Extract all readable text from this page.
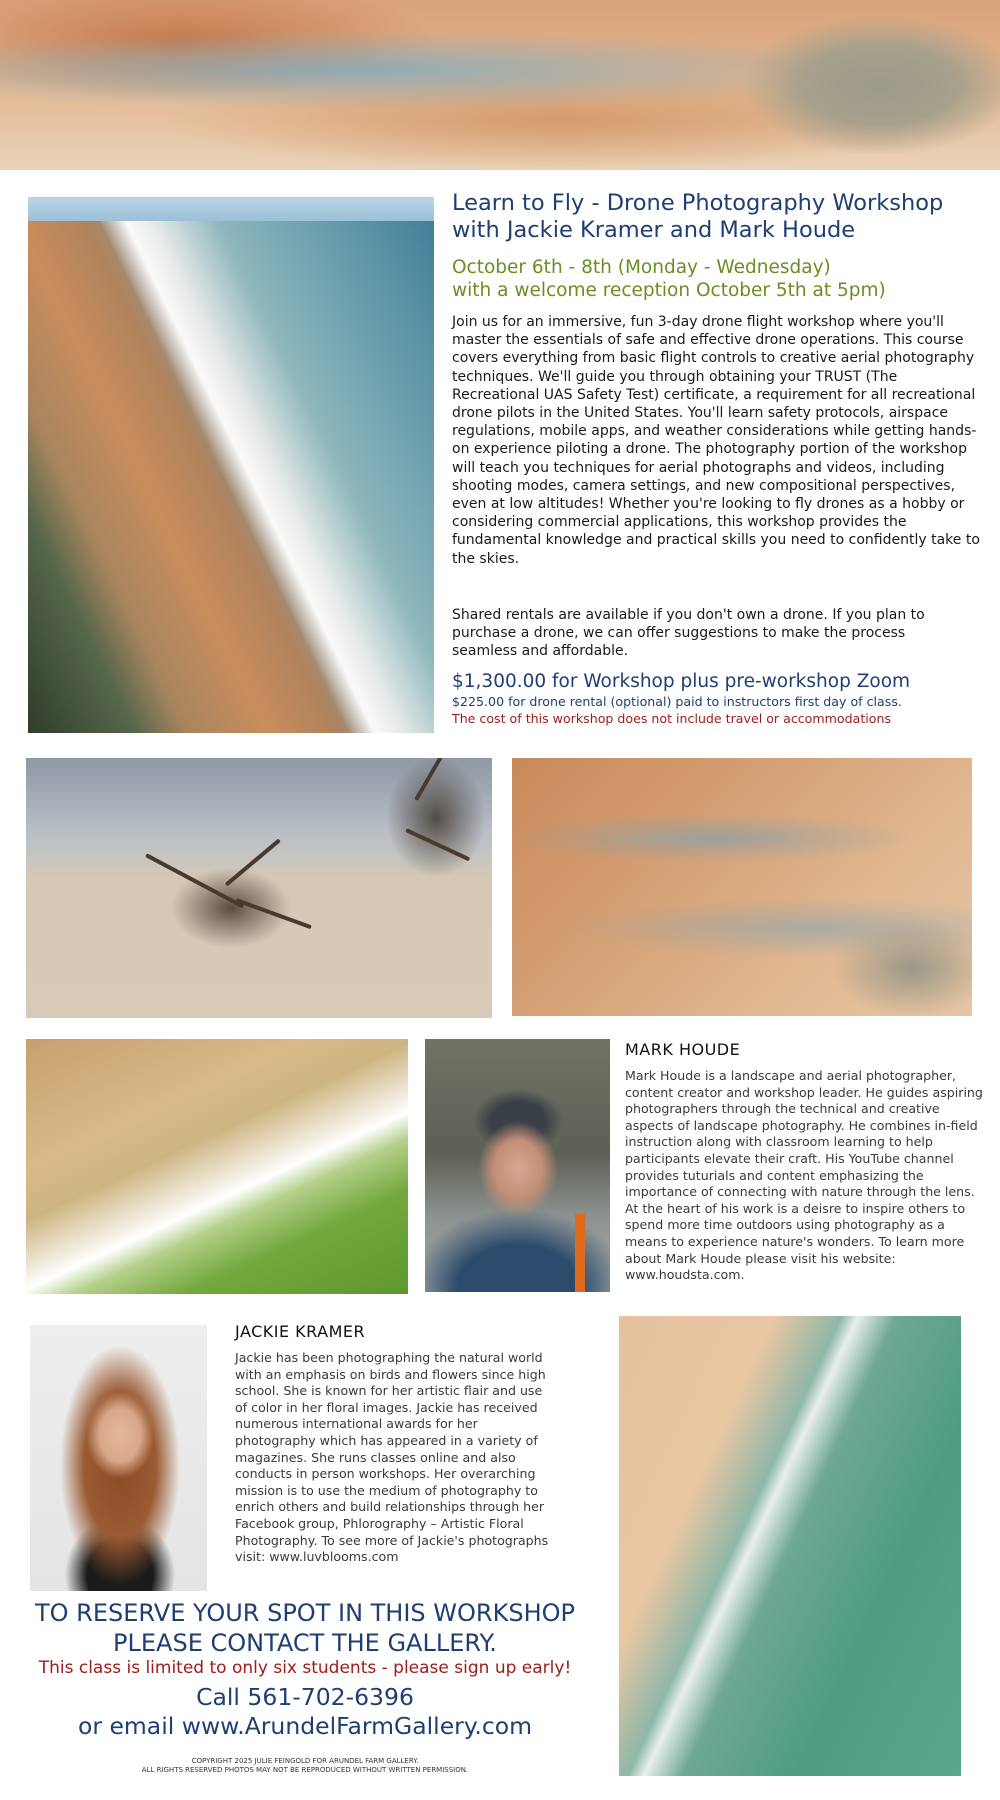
Learn to Fly - Drone Photography Workshop
with Jackie Kramer and Mark Houde
October 6th - 8th (Monday - Wednesday)
with a welcome reception October 5th at 5pm)
Join us for an immersive, fun 3-day drone flight workshop where you'll master the essentials of safe and effective drone operations. This course covers everything from basic flight controls to creative aerial photography techniques. We'll guide you through obtaining your TRUST (The Recreational UAS Safety Test) certificate, a requirement for all recreational drone pilots in the United States. You'll learn safety protocols, airspace regulations, mobile apps, and weather considerations while getting hands-on experience piloting a drone. The photography portion of the workshop will teach you techniques for aerial photographs and videos, including shooting modes, camera settings, and new compositional perspectives, even at low altitudes! Whether you're looking to fly drones as a hobby or considering commercial applications, this workshop provides the fundamental knowledge and practical skills you need to confidently take to the skies.
Shared rentals are available if you don't own a drone. If you plan to purchase a drone, we can offer suggestions to make the process seamless and affordable.
$1,300.00 for Workshop plus pre-workshop Zoom
$225.00 for drone rental (optional) paid to instructors first day of class.
The cost of this workshop does not include travel or accommodations
MARK HOUDE
Mark Houde is a landscape and aerial photographer, content creator and workshop leader. He guides aspiring photographers through the technical and creative aspects of landscape photography. He combines in-field instruction along with classroom learning to help participants elevate their craft. His YouTube channel provides tuturials and content emphasizing the importance of connecting with nature through the lens. At the heart of his work is a deisre to inspire others to spend more time outdoors using photography as a means to experience nature's wonders. To learn more about Mark Houde please visit his website: www.houdsta.com.
JACKIE KRAMER
Jackie has been photographing the natural world with an emphasis on birds and flowers since high school. She is known for her artistic flair and use of color in her floral images. Jackie has received numerous international awards for her photography which has appeared in a variety of magazines. She runs classes online and also conducts in person workshops. Her overarching mission is to use the medium of photography to enrich others and build relationships through her Facebook group, Phlorography – Artistic Floral Photography. To see more of Jackie's photographs visit: www.luvblooms.com
TO RESERVE YOUR SPOT IN THIS WORKSHOP
PLEASE CONTACT THE GALLERY.
This class is limited to only six students - please sign up early!
Call 561-702-6396
or email www.ArundelFarmGallery.com
COPYRIGHT 2025 JULIE FEINGOLD FOR ARUNDEL FARM GALLERY.
ALL RIGHTS RESERVED PHOTOS MAY NOT BE REPRODUCED WITHOUT WRITTEN PERMISSION.
